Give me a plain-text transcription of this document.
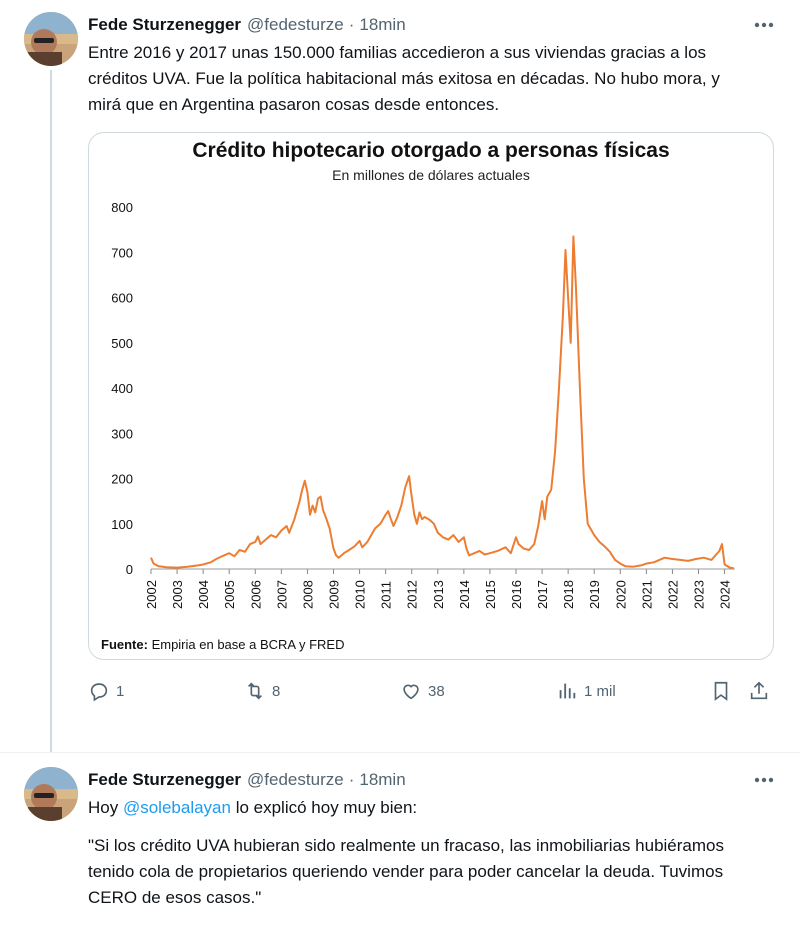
Fede Sturzenegger @fedesturze · 18min
Entre 2016 y 2017 unas 150.000 familias accedieron a sus viviendas gracias a los créditos UVA. Fue la política habitacional más exitosa en décadas. No hubo mora, y mirá que en Argentina pasaron cosas desde entonces.
Crédito hipotecario otorgado a personas físicas
En millones de dólares actuales
0
100
200
300
400
500
600
700
800
2002 2003 2004 2005 2006 2007 2008 2009 2010 2011 2012 2013 2014 2015 2016 2017 2018 2019 2020 2021 2022 2023 2024
Fuente: Empiria en base a BCRA y FRED
1	8	38	1 mil
Fede Sturzenegger @fedesturze · 18min
Hoy @solebalayan lo explicó hoy muy bien:
"Si los crédito UVA hubieran sido realmente un fracaso, las inmobiliarias hubiéramos tenido cola de propietarios queriendo vender para poder cancelar la deuda. Tuvimos CERO de esos casos."
